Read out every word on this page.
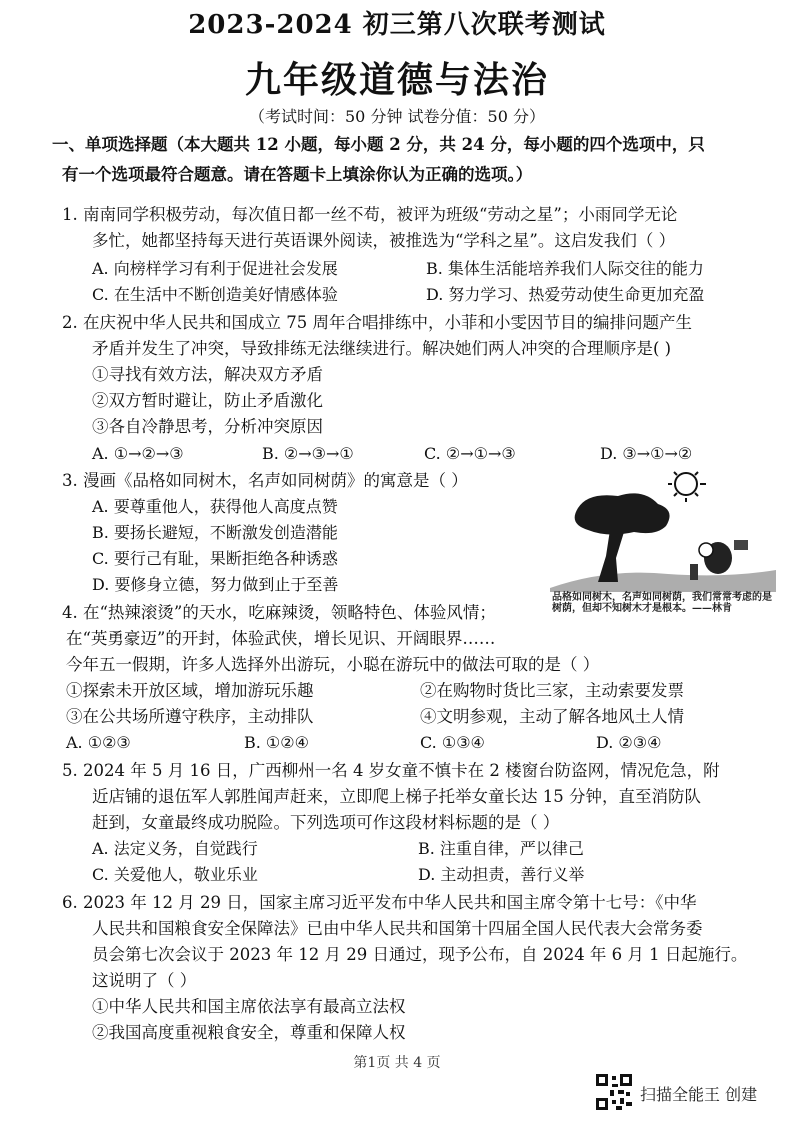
2023-2024 初三第八次联考测试
九年级道德与法治
（考试时间：50 分钟 试卷分值：50 分）
一、单项选择题（本大题共 12 小题，每小题 2 分，共 24 分，每小题的四个选项中，只
有一个选项最符合题意。请在答题卡上填涂你认为正确的选项。）
1. 南南同学积极劳动，每次值日都一丝不苟，被评为班级“劳动之星”；小雨同学无论
多忙，她都坚持每天进行英语课外阅读，被推选为“学科之星”。这启发我们（ ）
A. 向榜样学习有利于促进社会发展	B. 集体生活能培养我们人际交往的能力
C. 在生活中不断创造美好情感体验	D. 努力学习、热爱劳动使生命更加充盈
2. 在庆祝中华人民共和国成立 75 周年合唱排练中，小菲和小雯因节目的编排问题产生
矛盾并发生了冲突，导致排练无法继续进行。解决她们两人冲突的合理顺序是( )
①寻找有效方法，解决双方矛盾
②双方暂时避让，防止矛盾激化
③各自冷静思考，分析冲突原因
A. ①→②→③	B. ②→③→①	C. ②→①→③	D. ③→①→②
3. 漫画《品格如同树木，名声如同树荫》的寓意是（ ）
A. 要尊重他人，获得他人高度点赞
B. 要扬长避短，不断激发创造潜能
C. 要行己有耻，果断拒绝各种诱惑
D. 要修身立德，努力做到止于至善
品格如同树木，名声如同树荫，我们常常考虑的是树荫，但却不知树木才是根本。——林肯
4. 在“热辣滚烫”的天水，吃麻辣烫，领略特色、体验风情；
在“英勇豪迈”的开封，体验武侠，增长见识、开阔眼界……
今年五一假期，许多人选择外出游玩，小聪在游玩中的做法可取的是（ ）
①探索未开放区域，增加游玩乐趣	②在购物时货比三家，主动索要发票
③在公共场所遵守秩序，主动排队	④文明参观，主动了解各地风土人情
A. ①②③	B. ①②④	C. ①③④	D. ②③④
5. 2024 年 5 月 16 日，广西柳州一名 4 岁女童不慎卡在 2 楼窗台防盗网，情况危急，附
近店铺的退伍军人郭胜闻声赶来，立即爬上梯子托举女童长达 15 分钟，直至消防队
赶到，女童最终成功脱险。下列选项可作这段材料标题的是（ ）
A. 法定义务，自觉践行	B. 注重自律，严以律己
C. 关爱他人，敬业乐业	D. 主动担责，善行义举
6. 2023 年 12 月 29 日，国家主席习近平发布中华人民共和国主席令第十七号：《中华
人民共和国粮食安全保障法》已由中华人民共和国第十四届全国人民代表大会常务委
员会第七次会议于 2023 年 12 月 29 日通过，现予公布，自 2024 年 6 月 1 日起施行。
这说明了（ ）
①中华人民共和国主席依法享有最高立法权
②我国高度重视粮食安全，尊重和保障人权
第1页 共 4 页
扫描全能王 创建
